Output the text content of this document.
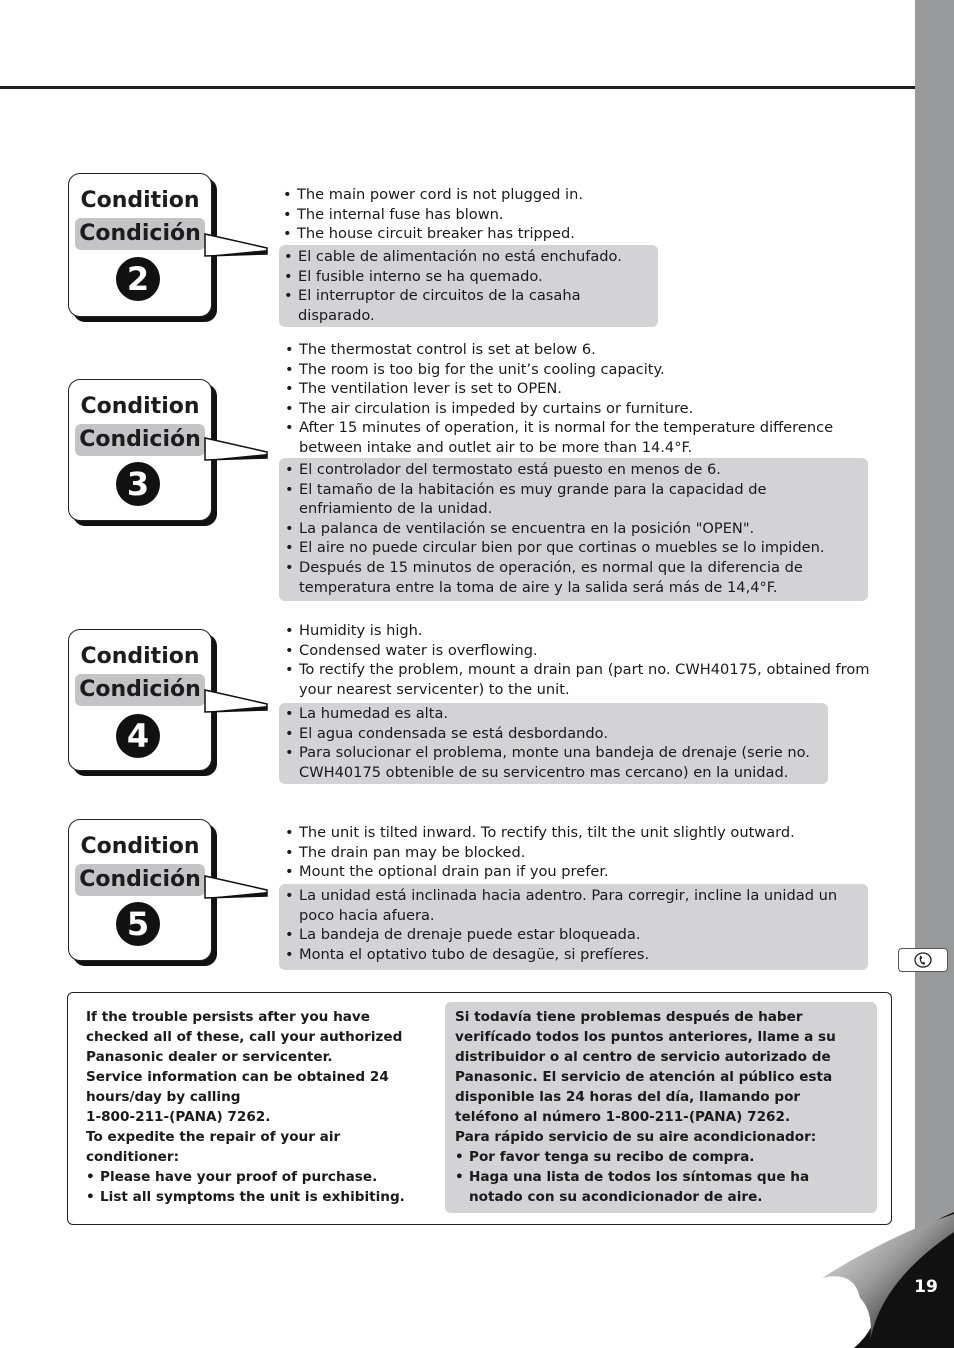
Condition
Condición
2
• The main power cord is not plugged in.
• The internal fuse has blown.
• The house circuit breaker has tripped.
• El cable de alimentación no está enchufado.
• El fusible interno se ha quemado.
• El interruptor de circuitos de la casaha disparado.
Condition
Condición
3
• The thermostat control is set at below 6.
• The room is too big for the unit’s cooling capacity.
• The ventilation lever is set to OPEN.
• The air circulation is impeded by curtains or furniture.
• After 15 minutes of operation, it is normal for the temperature difference between intake and outlet air to be more than 14.4°F.
• El controlador del termostato está puesto en menos de 6.
• El tamaño de la habitación es muy grande para la capacidad de enfriamiento de la unidad.
• La palanca de ventilación se encuentra en la posición "OPEN".
• El aire no puede circular bien por que cortinas o muebles se lo impiden.
• Después de 15 minutos de operación, es normal que la diferencia de temperatura entre la toma de aire y la salida será más de 14,4°F.
Condition
Condición
4
• Humidity is high.
• Condensed water is overflowing.
• To rectify the problem, mount a drain pan (part no. CWH40175, obtained from your nearest servicenter) to the unit.
• La humedad es alta.
• El agua condensada se está desbordando.
• Para solucionar el problema, monte una bandeja de drenaje (serie no. CWH40175 obtenible de su servicentro mas cercano) en la unidad.
Condition
Condición
5
• The unit is tilted inward. To rectify this, tilt the unit slightly outward.
• The drain pan may be blocked.
• Mount the optional drain pan if you prefer.
• La unidad está inclinada hacia adentro. Para corregir, incline la unidad un poco hacia afuera.
• La bandeja de drenaje puede estar bloqueada.
• Monta el optativo tubo de desagüe, si prefíeres.
If the trouble persists after you have checked all of these, call your authorized Panasonic dealer or servicenter.
Service information can be obtained 24 hours/day by calling
1-800-211-(PANA) 7262.
To expedite the repair of your air conditioner:
• Please have your proof of purchase.
• List all symptoms the unit is exhibiting.
Si todavía tiene problemas después de haber verifícado todos los puntos anteriores, llame a su distribuidor o al centro de servicio autorizado de Panasonic. El servicio de atención al público esta disponible las 24 horas del día, llamando por teléfono al número 1-800-211-(PANA) 7262.
Para rápido servicio de su aire acondicionador:
• Por favor tenga su recibo de compra.
• Haga una lista de todos los síntomas que ha notado con su acondicionador de aire.
19
